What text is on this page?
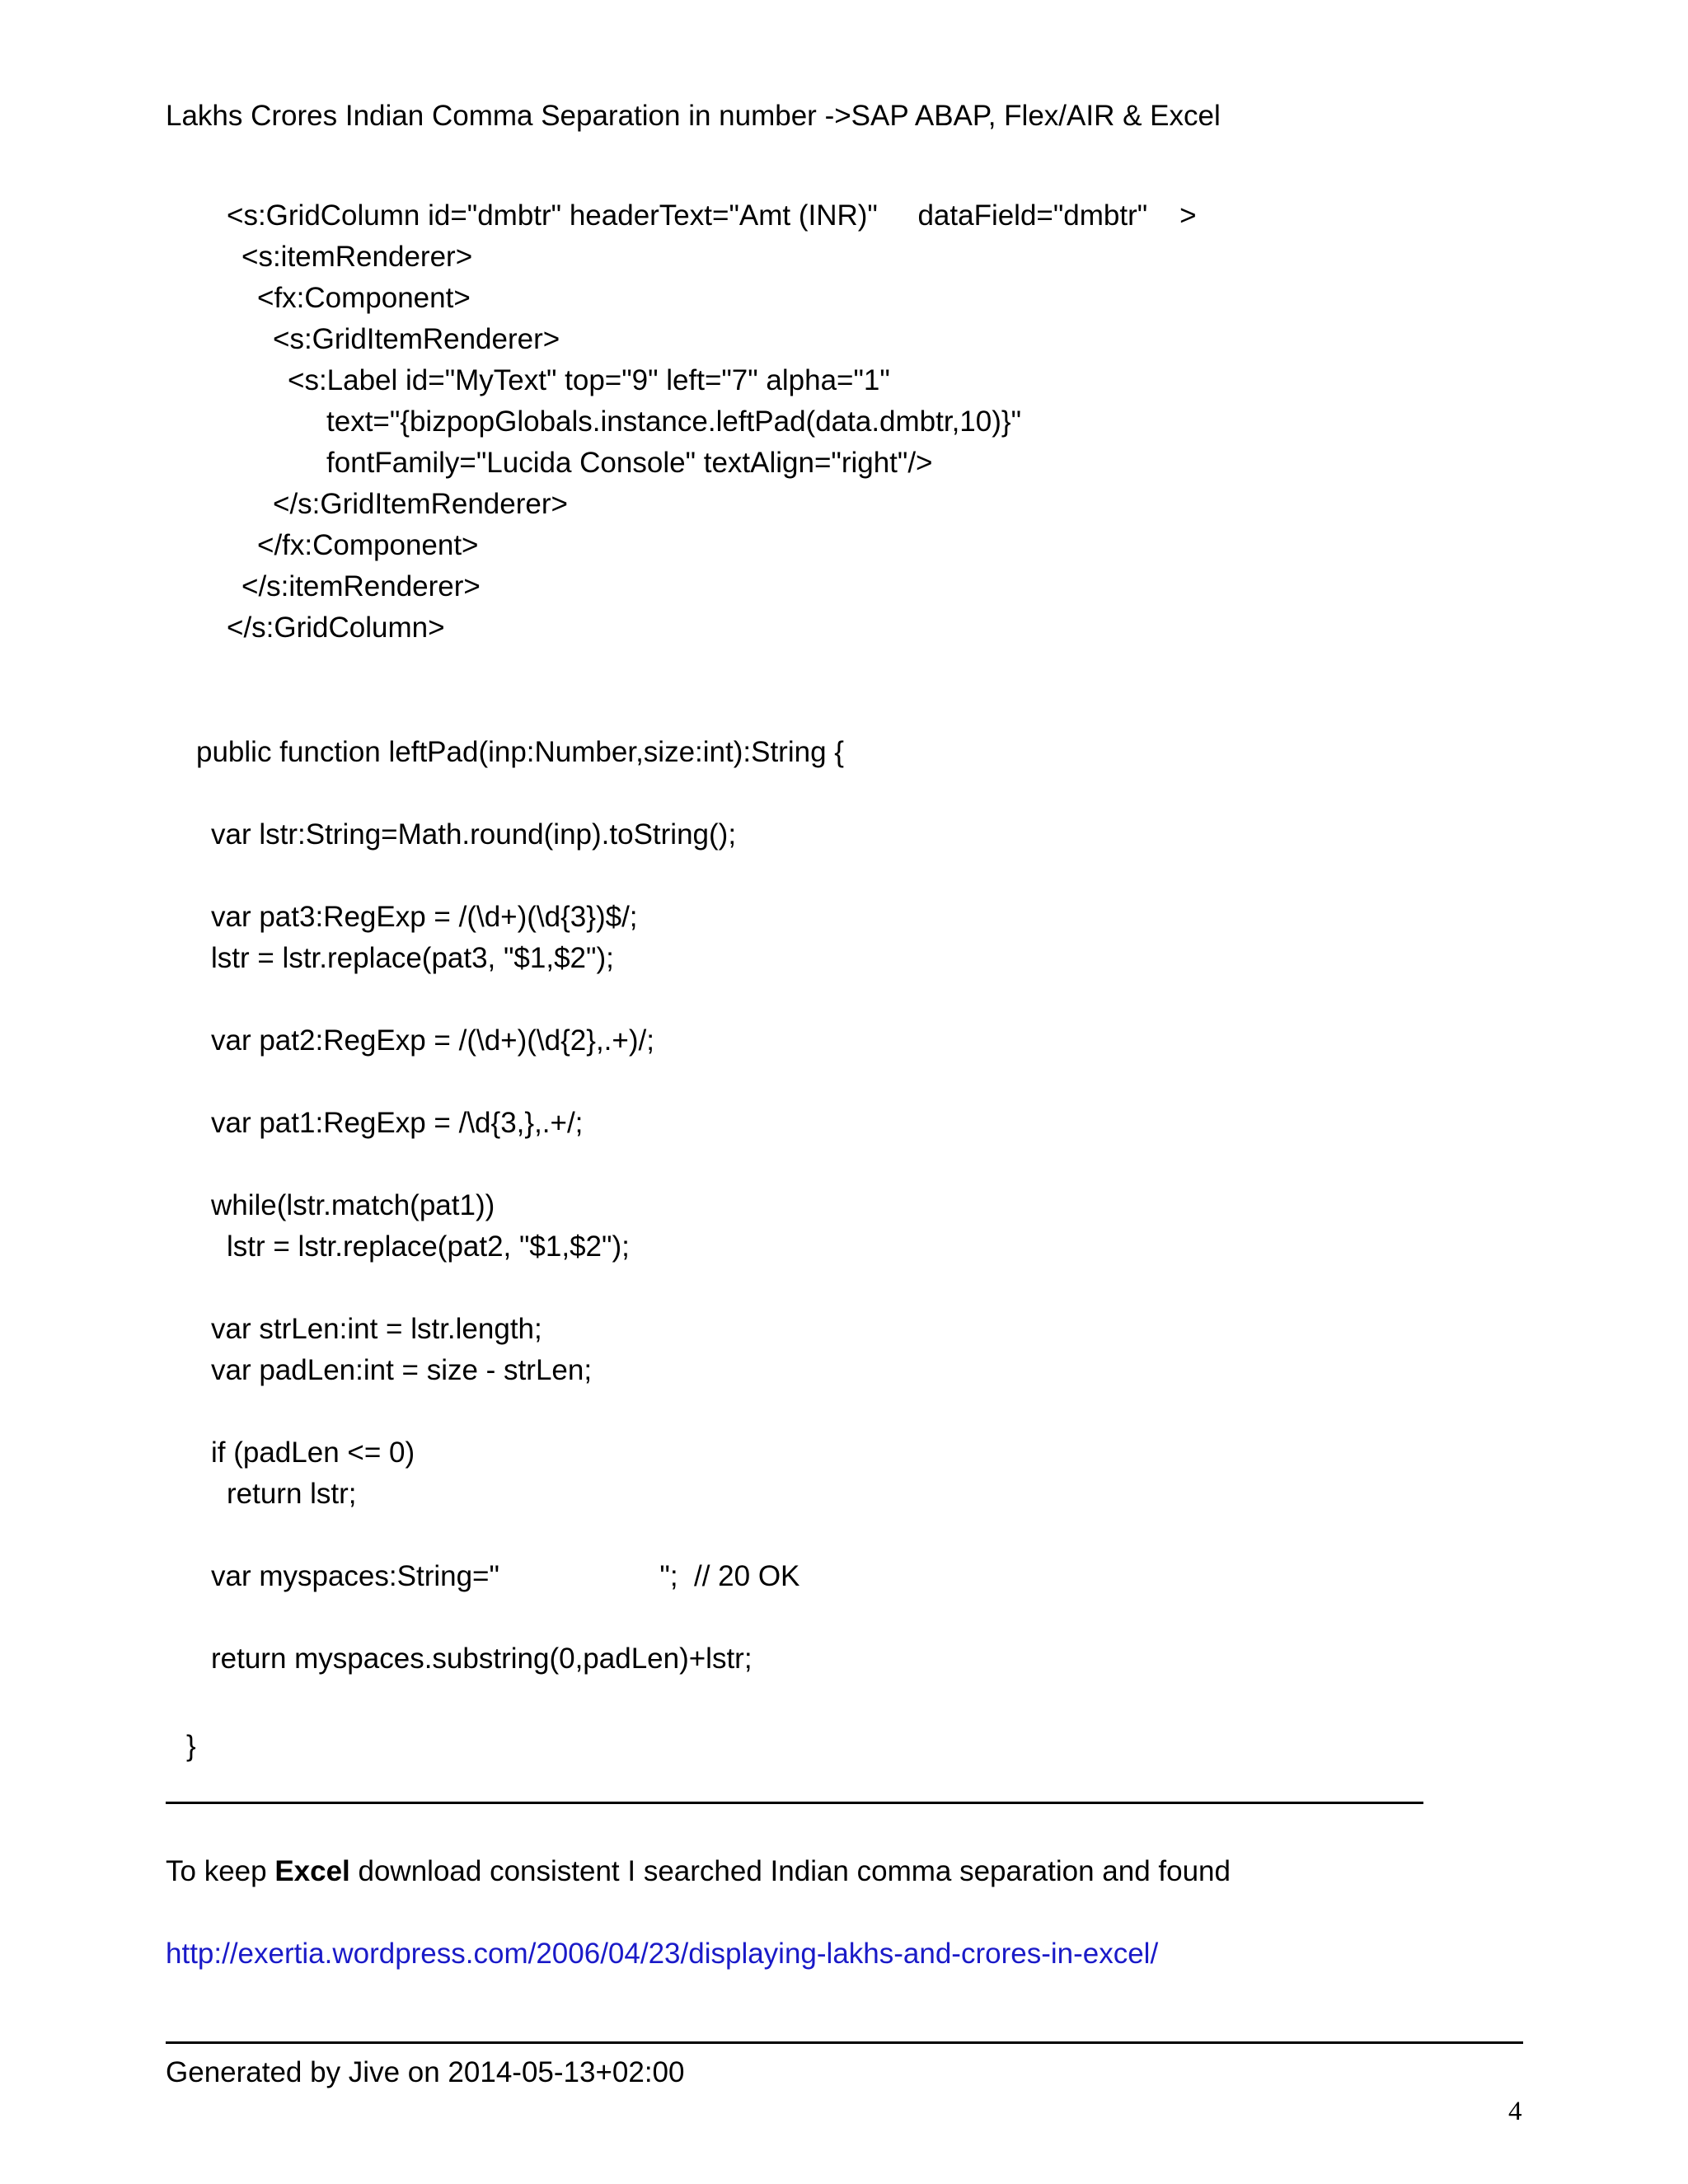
Lakhs Crores Indian Comma Separation in number ->SAP ABAP, Flex/AIR & Excel

<s:GridColumn id="dmbtr" headerText="Amt (INR)"     dataField="dmbtr"    >

<s:itemRenderer>

<fx:Component>

<s:GridItemRenderer>

<s:Label id="MyText" top="9" left="7" alpha="1"

text="{bizpopGlobals.instance.leftPad(data.dmbtr,10)}"

fontFamily="Lucida Console" textAlign="right"/>

</s:GridItemRenderer>

</fx:Component>

</s:itemRenderer>

</s:GridColumn>

public function leftPad(inp:Number,size:int):String {

var lstr:String=Math.round(inp).toString();

var pat3:RegExp = /(\d+)(\d{3})$/;

lstr = lstr.replace(pat3, "$1,$2");

var pat2:RegExp = /(\d+)(\d{2},.+)/;

var pat1:RegExp = /\d{3,},.+/;

while(lstr.match(pat1))

lstr = lstr.replace(pat2, "$1,$2");

var strLen:int = lstr.length;

var padLen:int = size - strLen;

if (padLen <= 0)

return lstr;

var myspaces:String="                    ";  // 20 OK

return myspaces.substring(0,padLen)+lstr;

}

To keep Excel download consistent I searched Indian comma separation and found
http://exertia.wordpress.com/2006/04/23/displaying-lakhs-and-crores-in-excel/
Generated by Jive on 2014-05-13+02:00
4
